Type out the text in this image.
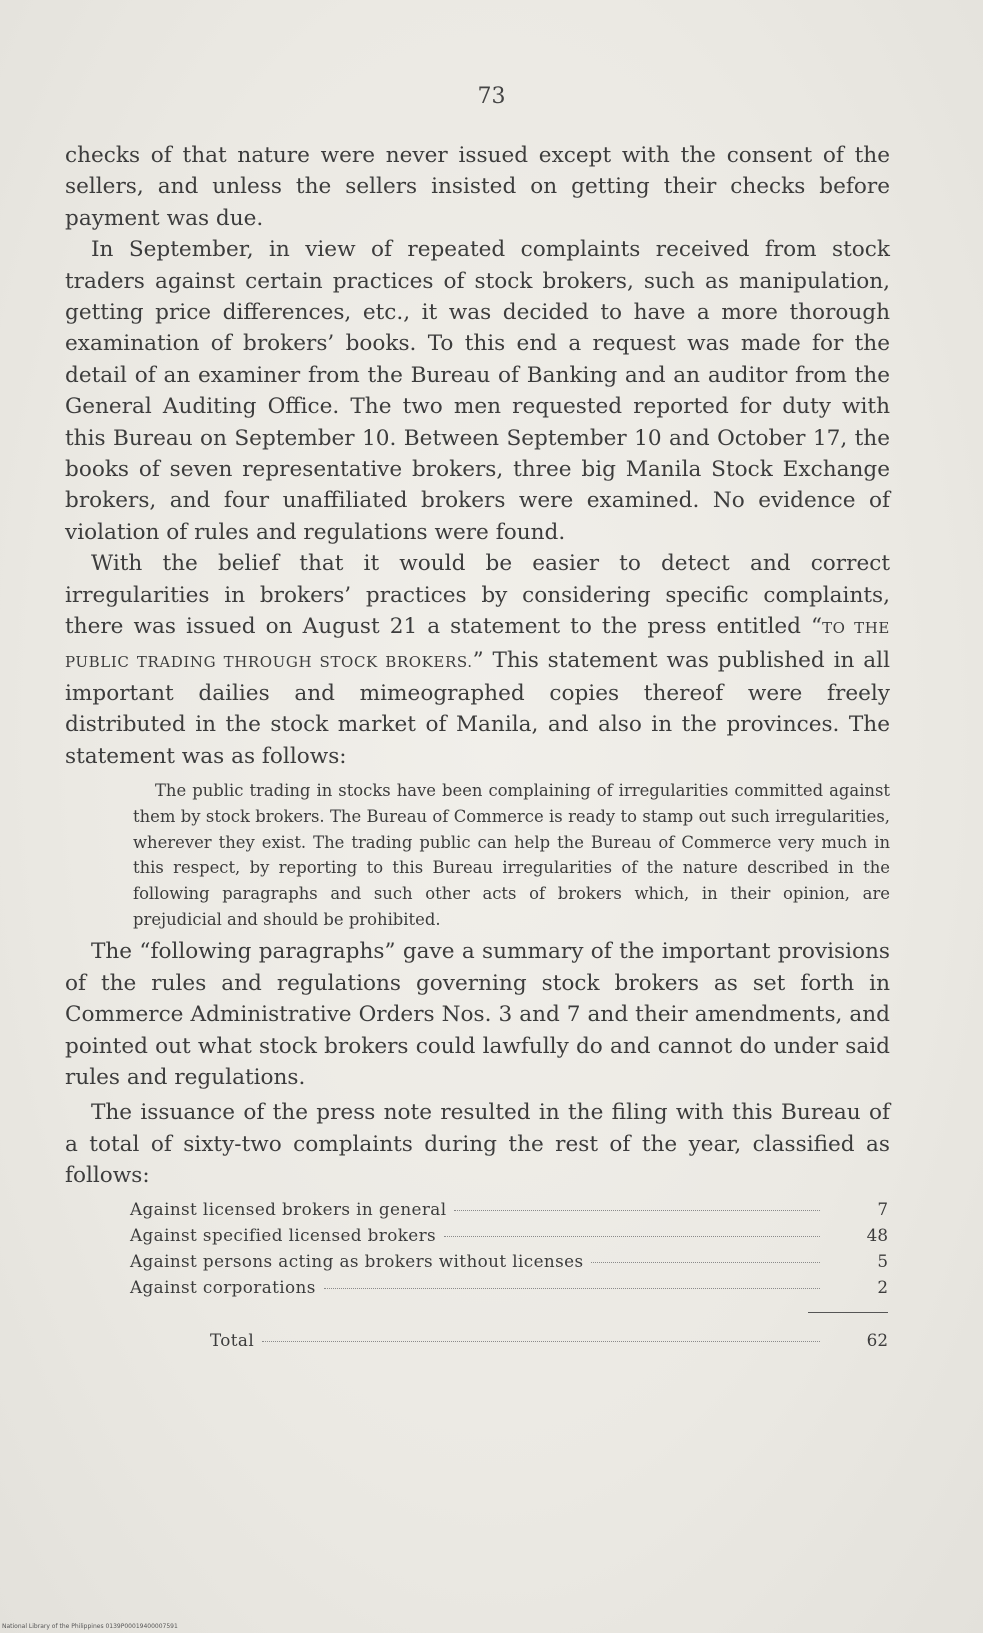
73

checks of that nature were never issued except with the consent of the sellers, and unless the sellers insisted on getting their checks before payment was due.

In September, in view of repeated complaints received from stock traders against certain practices of stock brokers, such as manipulation, getting price differences, etc., it was decided to have a more thorough examination of brokers’ books. To this end a request was made for the detail of an examiner from the Bureau of Banking and an auditor from the General Auditing Office. The two men requested reported for duty with this Bureau on September 10. Between September 10 and October 17, the books of seven representative brokers, three big Manila Stock Exchange brokers, and four unaffiliated brokers were examined. No evidence of violation of rules and regulations were found.

With the belief that it would be easier to detect and correct irregularities in brokers’ practices by considering specific complaints, there was issued on August 21 a statement to the press entitled “TO THE PUBLIC TRADING THROUGH STOCK BROKERS.” This statement was published in all important dailies and mimeographed copies thereof were freely distributed in the stock market of Manila, and also in the provinces. The statement was as follows:

The public trading in stocks have been complaining of irregularities committed against them by stock brokers. The Bureau of Commerce is ready to stamp out such irregularities, wherever they exist. The trading public can help the Bureau of Commerce very much in this respect, by reporting to this Bureau irregularities of the nature described in the following paragraphs and such other acts of brokers which, in their opinion, are prejudicial and should be prohibited.

The “following paragraphs” gave a summary of the important provisions of the rules and regulations governing stock brokers as set forth in Commerce Administrative Orders Nos. 3 and 7 and their amendments, and pointed out what stock brokers could lawfully do and cannot do under said rules and regulations.

The issuance of the press note resulted in the filing with this Bureau of a total of sixty-two complaints during the rest of the year, classified as follows:

Against licensed brokers in general	7
Against specified licensed brokers	48
Against persons acting as brokers without licenses	5
Against corporations	2
Total	62
National Library of the Philippines 0139P00019400007591
